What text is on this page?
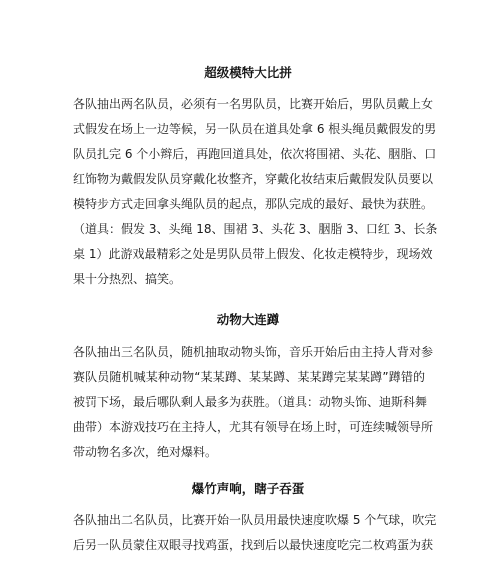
超级模特大比拼
各队抽出两名队员，必须有一名男队员，比赛开始后，男队员戴上女
式假发在场上一边等候，另一队员在道具处拿 6 根头绳员戴假发的男
队员扎完 6 个小辫后，再跑回道具处，依次将围裙、头花、胭脂、口
红饰物为戴假发队员穿戴化妆整齐，穿戴化妆结束后戴假发队员要以
模特步方式走回拿头绳队员的起点，那队完成的最好、最快为获胜。
（道具：假发 3、头绳 18、围裙 3、头花 3、胭脂 3、口红 3、长条
桌 1）此游戏最精彩之处是男队员带上假发、化妆走模特步，现场效
果十分热烈、搞笑。
动物大连蹲
各队抽出三名队员，随机抽取动物头饰，音乐开始后由主持人背对参
赛队员随机喊某种动物“某某蹲、某某蹲、某某蹲完某某蹲”蹲错的
被罚下场，最后哪队剩人最多为获胜。（道具：动物头饰、迪斯科舞
曲带）本游戏技巧在主持人，尤其有领导在场上时，可连续喊领导所
带动物名多次，绝对爆料。
爆竹声响，瞎子吞蛋
各队抽出二名队员，比赛开始一队员用最快速度吹爆 5 个气球，吹完
后另一队员蒙住双眼寻找鸡蛋，找到后以最快速度吃完二枚鸡蛋为获
